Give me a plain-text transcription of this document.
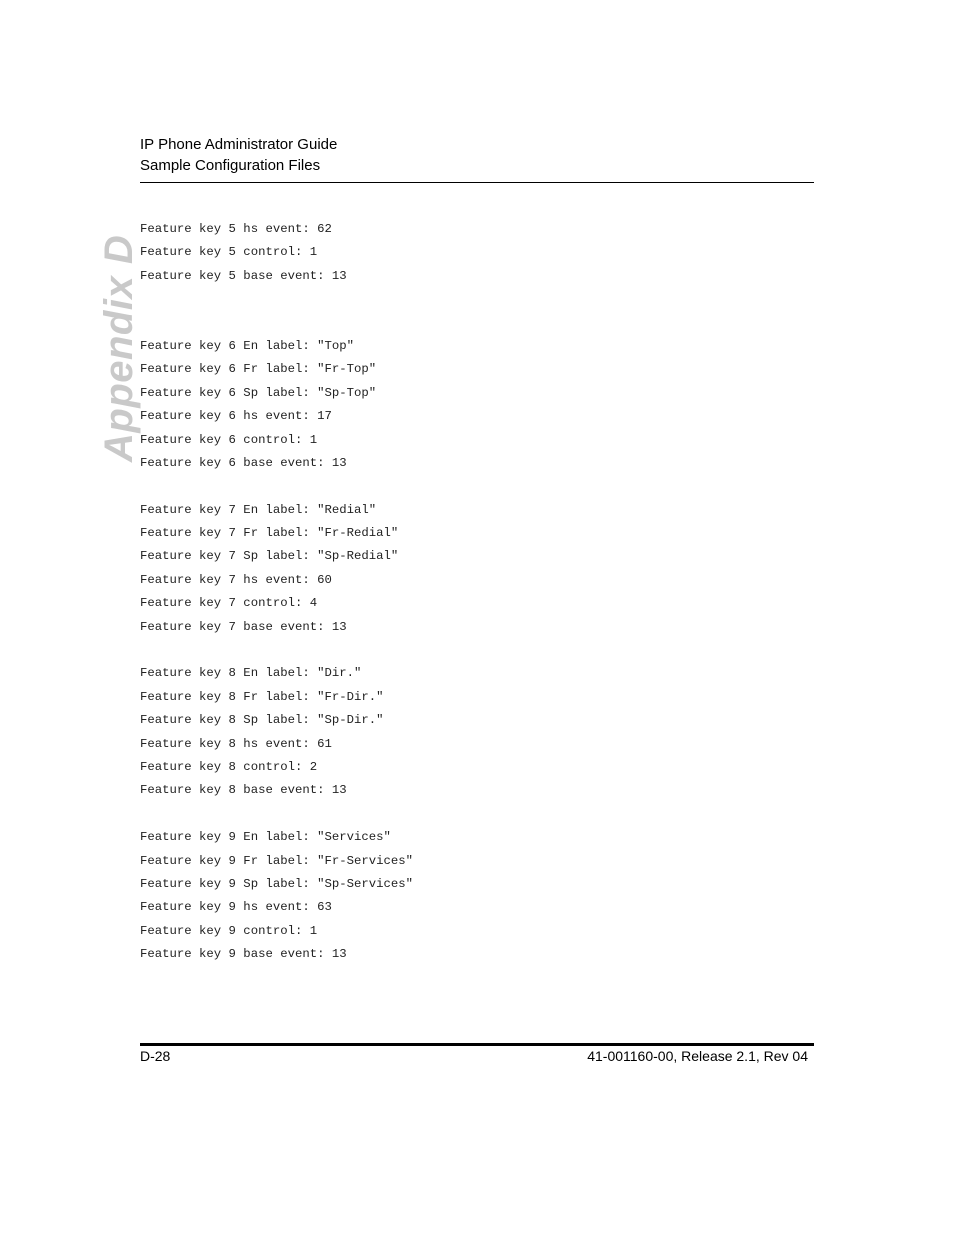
IP Phone Administrator Guide
Sample Configuration Files
Appendix D
Feature key 5 hs event: 62
Feature key 5 control: 1
Feature key 5 base event: 13
Feature key 6 En label: "Top"
Feature key 6 Fr label: "Fr-Top"
Feature key 6 Sp label: "Sp-Top"
Feature key 6 hs event: 17
Feature key 6 control: 1
Feature key 6 base event: 13
Feature key 7 En label: "Redial"
Feature key 7 Fr label: "Fr-Redial"
Feature key 7 Sp label: "Sp-Redial"
Feature key 7 hs event: 60
Feature key 7 control: 4
Feature key 7 base event: 13
Feature key 8 En label: "Dir."
Feature key 8 Fr label: "Fr-Dir."
Feature key 8 Sp label: "Sp-Dir."
Feature key 8 hs event: 61
Feature key 8 control: 2
Feature key 8 base event: 13
Feature key 9 En label: "Services"
Feature key 9 Fr label: "Fr-Services"
Feature key 9 Sp label: "Sp-Services"
Feature key 9 hs event: 63
Feature key 9 control: 1
Feature key 9 base event: 13
D-28	41-001160-00, Release 2.1, Rev 04
